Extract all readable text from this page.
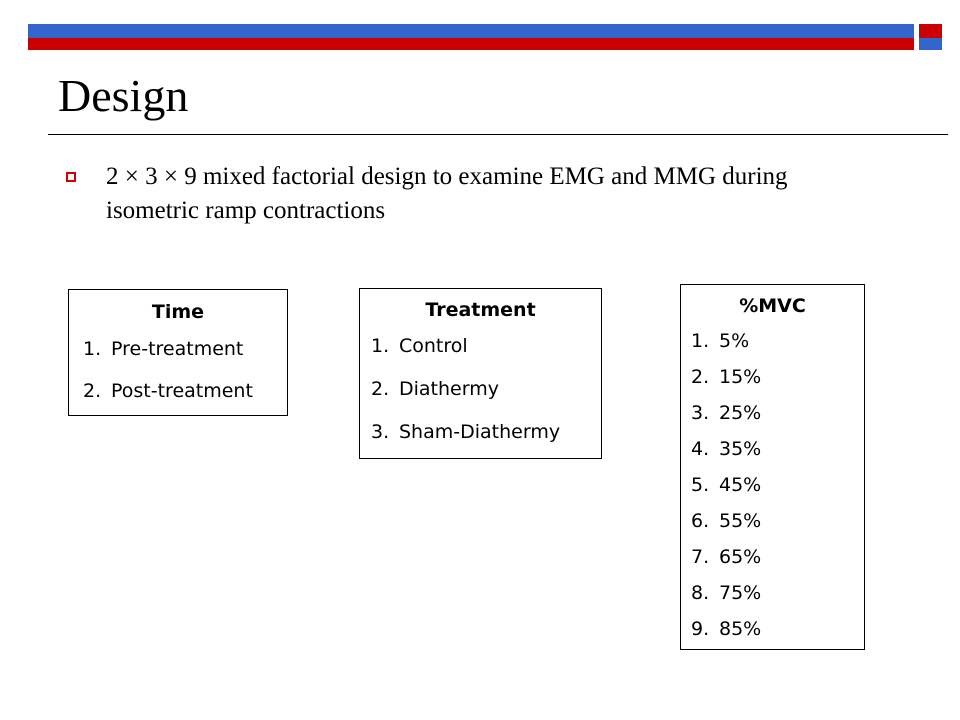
Design
2 × 3 × 9 mixed factorial design to examine EMG and MMG during isometric ramp contractions
Time
1. Pre-treatment
2. Post-treatment
Treatment
1. Control
2. Diathermy
3. Sham-Diathermy
%MVC
1. 5%
2. 15%
3. 25%
4. 35%
5. 45%
6. 55%
7. 65%
8. 75%
9. 85%
